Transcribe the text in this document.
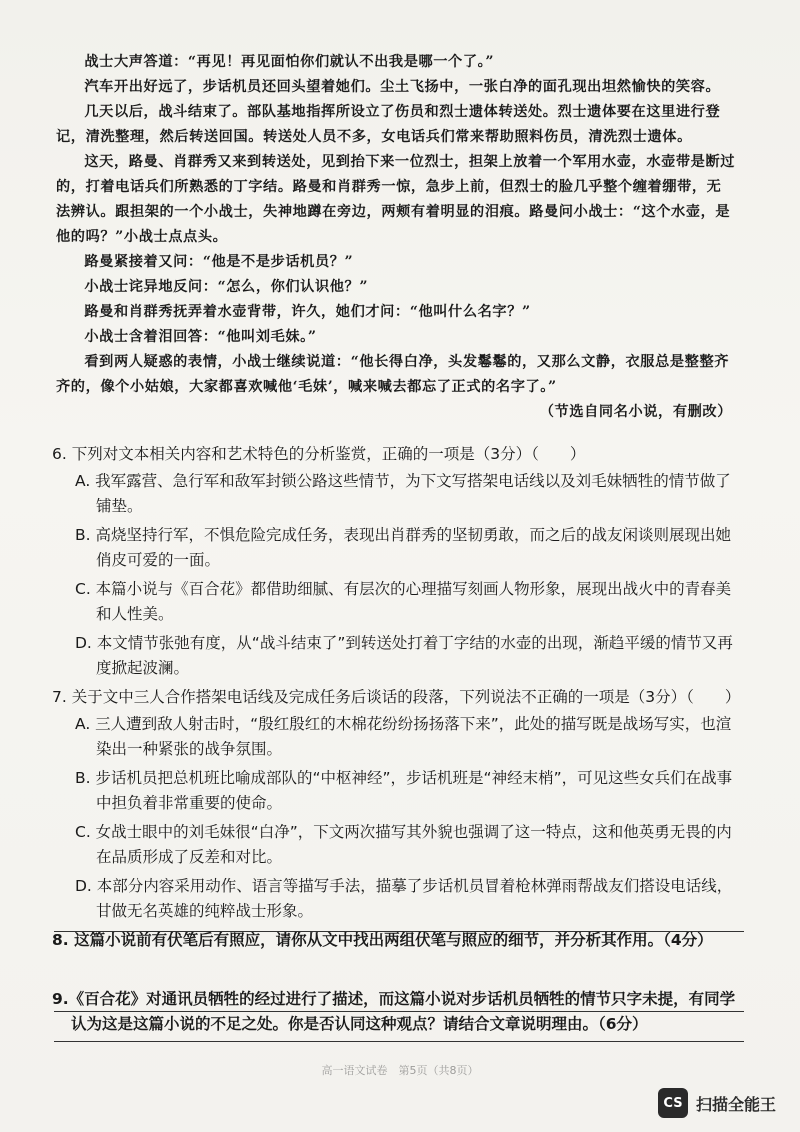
战士大声答道：“再见！再见面怕你们就认不出我是哪一个了。”

汽车开出好远了，步话机员还回头望着她们。尘土飞扬中，一张白净的面孔现出坦然愉快的笑容。

几天以后，战斗结束了。部队基地指挥所设立了伤员和烈士遗体转送处。烈士遗体要在这里进行登记，清洗整理，然后转送回国。转送处人员不多，女电话兵们常来帮助照料伤员，清洗烈士遗体。

这天，路曼、肖群秀又来到转送处，见到抬下来一位烈士，担架上放着一个军用水壶，水壶带是断过的，打着电话兵们所熟悉的丁字结。路曼和肖群秀一惊，急步上前，但烈士的脸几乎整个缠着绷带，无法辨认。跟担架的一个小战士，失神地蹲在旁边，两颊有着明显的泪痕。路曼问小战士：“这个水壶，是他的吗？”小战士点点头。

路曼紧接着又问：“他是不是步话机员？”

小战士诧异地反问：“怎么，你们认识他？”

路曼和肖群秀抚弄着水壶背带，许久，她们才问：“他叫什么名字？”

小战士含着泪回答：“他叫刘毛妹。”

看到两人疑惑的表情，小战士继续说道：“他长得白净，头发鬈鬈的，又那么文静，衣服总是整整齐齐的，像个小姑娘，大家都喜欢喊他‘毛妹’，喊来喊去都忘了正式的名字了。”

（节选自同名小说，有删改）

6. 下列对文本相关内容和艺术特色的分析鉴赏，正确的一项是（3分）（　　）

A. 我军露营、急行军和敌军封锁公路这些情节，为下文写搭架电话线以及刘毛妹牺牲的情节做了铺垫。

B. 高烧坚持行军，不惧危险完成任务，表现出肖群秀的坚韧勇敢，而之后的战友闲谈则展现出她俏皮可爱的一面。

C. 本篇小说与《百合花》都借助细腻、有层次的心理描写刻画人物形象，展现出战火中的青春美和人性美。

D. 本文情节张弛有度，从“战斗结束了”到转送处打着丁字结的水壶的出现，渐趋平缓的情节又再度掀起波澜。

7. 关于文中三人合作搭架电话线及完成任务后谈话的段落，下列说法不正确的一项是（3分）（　　）

A. 三人遭到敌人射击时，“殷红殷红的木棉花纷纷扬扬落下来”，此处的描写既是战场写实，也渲染出一种紧张的战争氛围。

B. 步话机员把总机班比喻成部队的“中枢神经”，步话机班是“神经末梢”，可见这些女兵们在战事中担负着非常重要的使命。

C. 女战士眼中的刘毛妹很“白净”，下文两次描写其外貌也强调了这一特点，这和他英勇无畏的内在品质形成了反差和对比。

D. 本部分内容采用动作、语言等描写手法，描摹了步话机员冒着枪林弹雨帮战友们搭设电话线，甘做无名英雄的纯粹战士形象。

8. 这篇小说前有伏笔后有照应，请你从文中找出两组伏笔与照应的细节，并分析其作用。（4分）

9.《百合花》对通讯员牺牲的经过进行了描述，而这篇小说对步话机员牺牲的情节只字未提，有同学认为这是这篇小说的不足之处。你是否认同这种观点？请结合文章说明理由。（6分）

高一语文试卷　第5页（共8页）
CS 扫描全能王
